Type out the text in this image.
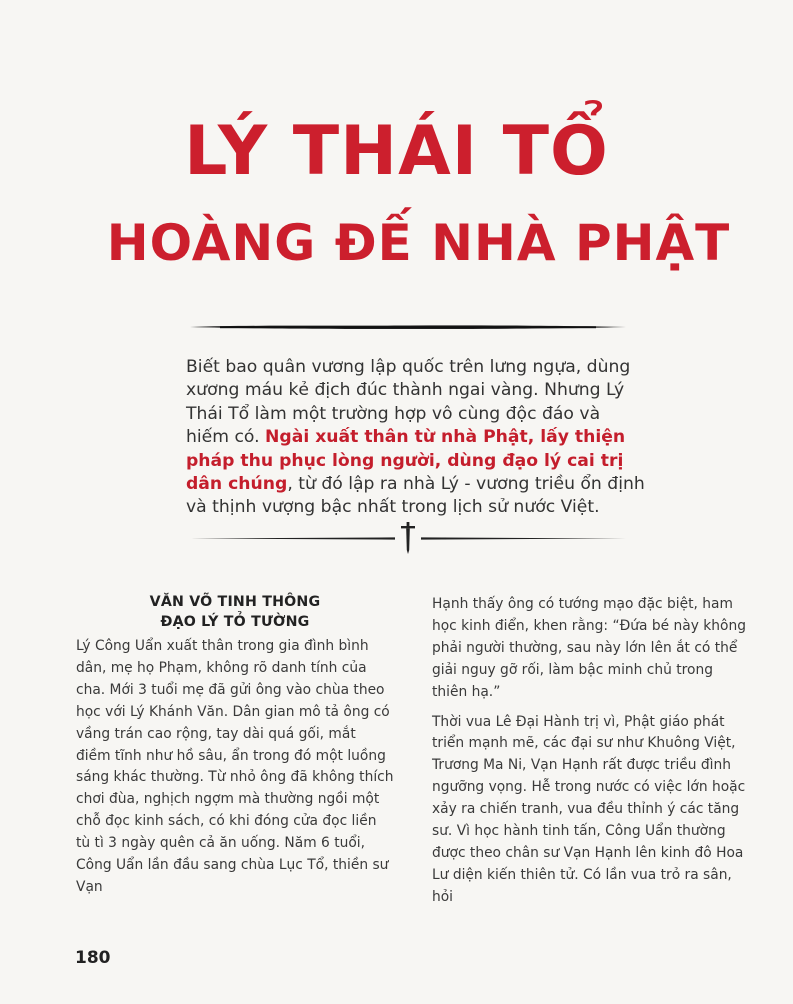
LÝ THÁI TỔ
HOÀNG ĐẾ NHÀ PHẬT

Biết bao quân vương lập quốc trên lưng ngựa, dùng xương máu kẻ địch đúc thành ngai vàng. Nhưng Lý Thái Tổ làm một trường hợp vô cùng độc đáo và hiếm có. Ngài xuất thân từ nhà Phật, lấy thiện pháp thu phục lòng người, dùng đạo lý cai trị dân chúng, từ đó lập ra nhà Lý - vương triều ổn định và thịnh vượng bậc nhất trong lịch sử nước Việt.

VĂN VÕ TINH THÔNG
ĐẠO LÝ TỎ TƯỜNG

Lý Công Uẩn xuất thân trong gia đình bình dân, mẹ họ Phạm, không rõ danh tính của cha. Mới 3 tuổi mẹ đã gửi ông vào chùa theo học với Lý Khánh Văn. Dân gian mô tả ông có vầng trán cao rộng, tay dài quá gối, mắt điềm tĩnh như hồ sâu, ẩn trong đó một luồng sáng khác thường. Từ nhỏ ông đã không thích chơi đùa, nghịch ngợm mà thường ngồi một chỗ đọc kinh sách, có khi đóng cửa đọc liền tù tì 3 ngày quên cả ăn uống. Năm 6 tuổi, Công Uẩn lần đầu sang chùa Lục Tổ, thiền sư Vạn

Hạnh thấy ông có tướng mạo đặc biệt, ham học kinh điển, khen rằng: “Đứa bé này không phải người thường, sau này lớn lên ắt có thể giải nguy gỡ rối, làm bậc minh chủ trong thiên hạ.”

Thời vua Lê Đại Hành trị vì, Phật giáo phát triển mạnh mẽ, các đại sư như Khuông Việt, Trương Ma Ni, Vạn Hạnh rất được triều đình ngưỡng vọng. Hễ trong nước có việc lớn hoặc xảy ra chiến tranh, vua đều thỉnh ý các tăng sư. Vì học hành tinh tấn, Công Uẩn thường được theo chân sư Vạn Hạnh lên kinh đô Hoa Lư diện kiến thiên tử. Có lần vua trỏ ra sân, hỏi

180
